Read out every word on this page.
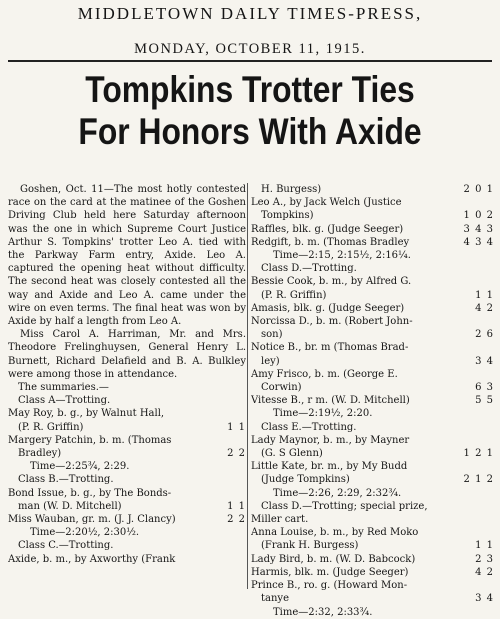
MIDDLETOWN DAILY TIMES-PRESS,
MONDAY, OCTOBER 11, 1915.
Tompkins Trotter Ties
For Honors With Axide

Goshen, Oct. 11—The most hotly contested race on the card at the matinee of the Goshen Driving Club held here Saturday afternoon was the one in which Supreme Court Justice Arthur S. Tompkins' trotter Leo A. tied with the Parkway Farm entry, Axide. Leo A. captured the opening heat without difficulty. The second heat was closely contested all the way and Axide and Leo A. came under the wire on even terms. The final heat was won by Axide by half a length from Leo A.

Miss Carol A. Harriman, Mr. and Mrs. Theodore Frelinghuysen, General Henry L. Burnett, Richard Delafield and B. A. Bulkley were among those in attendance.

The summaries.—
Class A—Trotting.
May Roy, b. g., by Walnut Hall,
(P. R. Griffin)	1 1
Margery Patchin, b. m. (Thomas
Bradley)	2 2
Time—2:25¾, 2:29.
Class B.—Trotting.
Bond Issue, b. g., by The Bonds-
man (W. D. Mitchell)	1 1
Miss Wauban, gr. m. (J. J. Clancy)	2 2
Time—2:20½, 2:30½.
Class C.—Trotting.
Axide, b. m., by Axworthy (Frank
H. Burgess)	2 0 1
Leo A., by Jack Welch (Justice
Tompkins)	1 0 2
Raffles, blk. g. (Judge Seeger)	3 4 3
Redgift, b. m. (Thomas Bradley	4 3 4
Time—2:15, 2:15½, 2:16¼.
Class D.—Trotting.
Bessie Cook, b. m., by Alfred G.
(P. R. Griffin)	1 1
Amasis, blk. g. (Judge Seeger)	4 2
Norcissa D., b. m. (Robert John-
son)	2 6
Notice B., br. m (Thomas Brad-
ley)	3 4
Amy Frisco, b. m. (George E.
Corwin)	6 3
Vitesse B., r m. (W. D. Mitchell)	5 5
Time—2:19½, 2:20.
Class E.—Trotting.
Lady Maynor, b. m., by Mayner
(G. S Glenn)	1 2 1
Little Kate, br. m., by My Budd
(Judge Tompkins)	2 1 2
Time—2:26, 2:29, 2:32¾.
Class D.—Trotting; special prize,
Miller cart.
Anna Louise, b. m., by Red Moko
(Frank H. Burgess)	1 1
Lady Bird, b. m. (W. D. Babcock)	2 3
Harmis, blk. m. (Judge Seeger)	4 2
Prince B., ro. g. (Howard Mon-
tanye	3 4
Time—2:32, 2:33¾.
